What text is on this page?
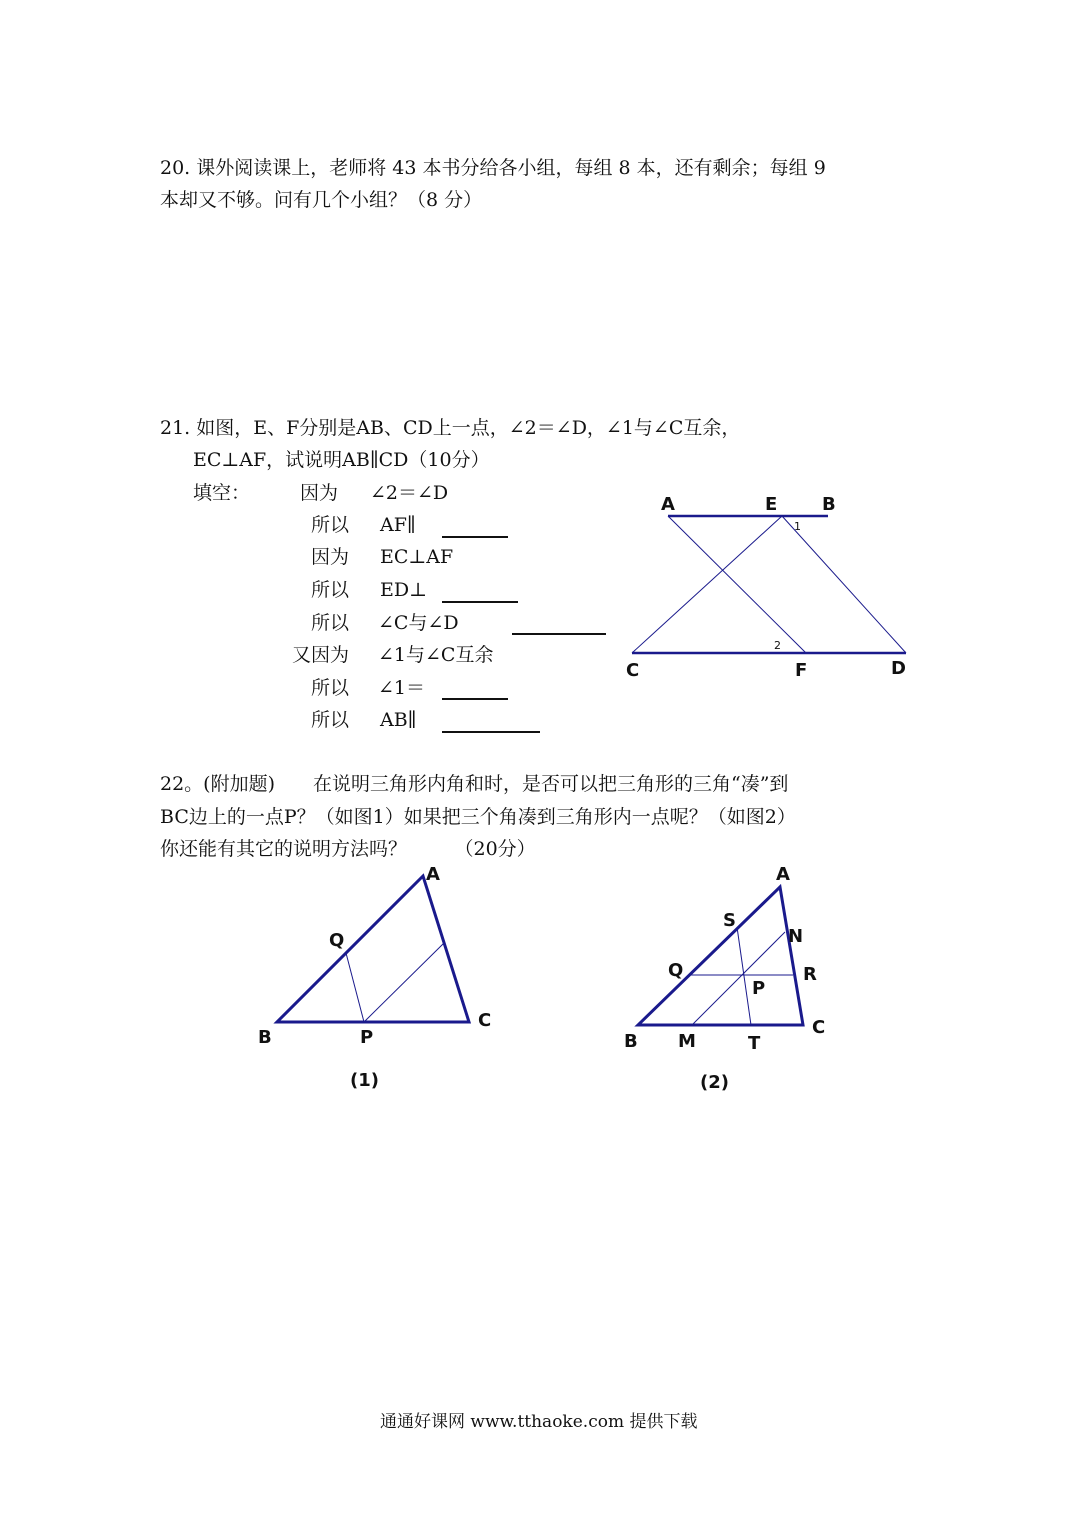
20. 课外阅读课上，老师将 43 本书分给各小组，每组 8 本，还有剩余；每组 9
本却又不够。问有几个小组？（8 分）
21. 如图，E、F分别是AB、CD上一点，∠2＝∠D，∠1与∠C互余，
EC⊥AF，试说明AB∥CD（10分）
填空：	因为 ∠2＝∠D
所以 AF∥
因为 EC⊥AF
所以 ED⊥
所以 ∠C与∠D
又因为 ∠1与∠C互余
所以 ∠1＝
所以 AB∥
22。(附加题)　　在说明三角形内角和时，是否可以把三角形的三角“凑”到
BC边上的一点P？（如图1）如果把三个角凑到三角形内一点呢？（如图2）
你还能有其它的说明方法吗？　　　（20分）
A	E B
C	F	D
1
2
A
B
C
P
Q
(1)
A
B
C
S
N
Q	R
P
M	T
(2)
通通好课网 www.tthaoke.com 提供下载
